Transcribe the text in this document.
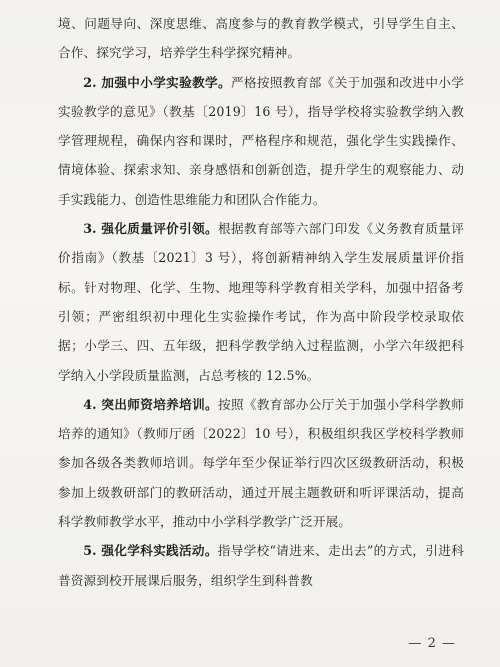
境、问题导向、深度思维、高度参与的教育教学模式，引导学生自主、合作、探究学习，培养学生科学探究精神。

2. 加强中小学实验教学。严格按照教育部《关于加强和改进中小学实验教学的意见》（教基〔2019〕16 号），指导学校将实验教学纳入教学管理规程，确保内容和课时，严格程序和规范，强化学生实践操作、情境体验、探索求知、亲身感悟和创新创造，提升学生的观察能力、动手实践能力、创造性思维能力和团队合作能力。

3. 强化质量评价引领。根据教育部等六部门印发《义务教育质量评价指南》（教基〔2021〕3 号），将创新精神纳入学生发展质量评价指标。针对物理、化学、生物、地理等科学教育相关学科，加强中招备考引领；严密组织初中理化生实验操作考试，作为高中阶段学校录取依据；小学三、四、五年级，把科学教学纳入过程监测，小学六年级把科学纳入小学段质量监测，占总考核的 12.5%。

4. 突出师资培养培训。按照《教育部办公厅关于加强小学科学教师培养的通知》（教师厅函〔2022〕10 号），积极组织我区学校科学教师参加各级各类教师培训。每学年至少保证举行四次区级教研活动，积极参加上级教研部门的教研活动，通过开展主题教研和听评课活动，提高科学教师教学水平，推动中小学科学教学广泛开展。

5. 强化学科实践活动。指导学校“请进来、走出去”的方式，引进科普资源到校开展课后服务，组织学生到科普教

— 2 —
